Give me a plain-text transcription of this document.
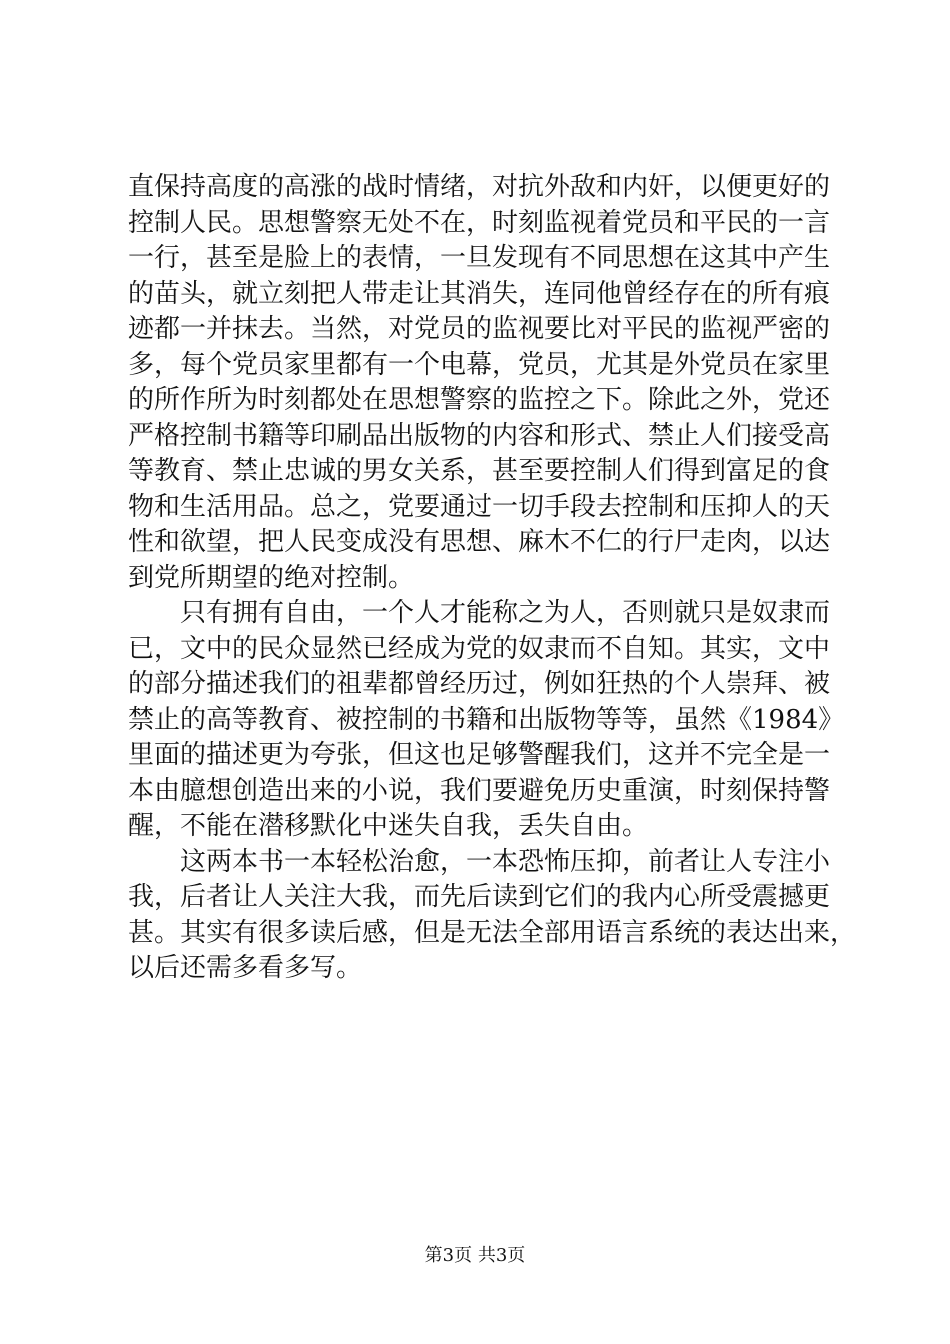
直保持高度的高涨的战时情绪，对抗外敌和内奸，以便更好的
控制人民。思想警察无处不在，时刻监视着党员和平民的一言
一行，甚至是脸上的表情，一旦发现有不同思想在这其中产生
的苗头，就立刻把人带走让其消失，连同他曾经存在的所有痕
迹都一并抹去。当然，对党员的监视要比对平民的监视严密的
多，每个党员家里都有一个电幕，党员，尤其是外党员在家里
的所作所为时刻都处在思想警察的监控之下。除此之外，党还
严格控制书籍等印刷品出版物的内容和形式、禁止人们接受高
等教育、禁止忠诚的男女关系，甚至要控制人们得到富足的食
物和生活用品。总之，党要通过一切手段去控制和压抑人的天
性和欲望，把人民变成没有思想、麻木不仁的行尸走肉，以达
到党所期望的绝对控制。
　　只有拥有自由，一个人才能称之为人，否则就只是奴隶而
已，文中的民众显然已经成为党的奴隶而不自知。其实，文中
的部分描述我们的祖辈都曾经历过，例如狂热的个人崇拜、被
禁止的高等教育、被控制的书籍和出版物等等，虽然《1984》
里面的描述更为夸张，但这也足够警醒我们，这并不完全是一
本由臆想创造出来的小说，我们要避免历史重演，时刻保持警
醒，不能在潜移默化中迷失自我，丢失自由。
　　这两本书一本轻松治愈，一本恐怖压抑，前者让人专注小
我，后者让人关注大我，而先后读到它们的我内心所受震撼更
甚。其实有很多读后感，但是无法全部用语言系统的表达出来，
以后还需多看多写。
第3页 共3页
